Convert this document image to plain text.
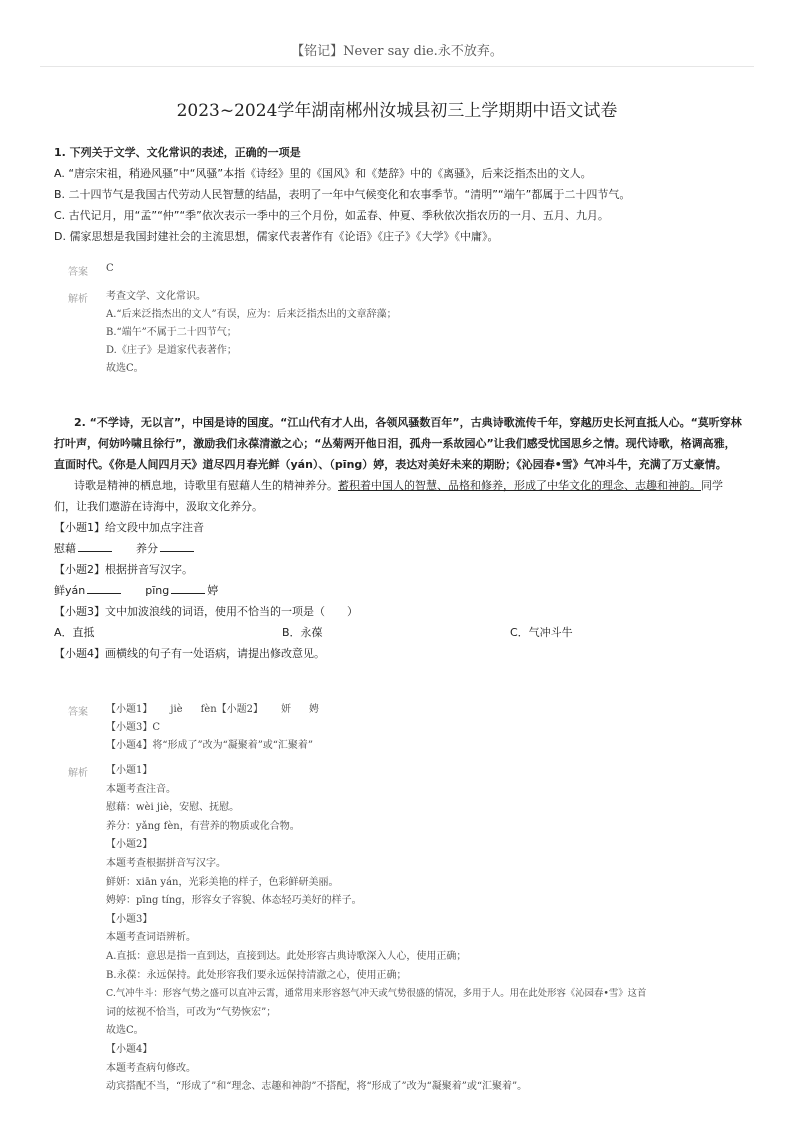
【铭记】Never say die.永不放弃。
2023~2024学年湖南郴州汝城县初三上学期期中语文试卷
1. 下列关于文学、文化常识的表述，正确的一项是
A. “唐宗宋祖，稍逊风骚”中“风骚”本指《诗经》里的《国风》和《楚辞》中的《离骚》，后来泛指杰出的文人。
B. 二十四节气是我国古代劳动人民智慧的结晶，表明了一年中气候变化和农事季节。“清明”“端午”都属于二十四节气。
C. 古代记月，用“孟”“仲”“季”依次表示一季中的三个月份，如孟春、仲夏、季秋依次指农历的一月、五月、九月。
D. 儒家思想是我国封建社会的主流思想，儒家代表著作有《论语》《庄子》《大学》《中庸》。
答案 C
解析 考查文学、文化常识。
A.“后来泛指杰出的文人”有误，应为：后来泛指杰出的文章辞藻；
B.“端午”不属于二十四节气；
D.《庄子》是道家代表著作；
故选C。

2. “不学诗，无以言”，中国是诗的国度。“江山代有才人出，各领风骚数百年”，古典诗歌流传千年，穿越历史长河直抵人心。“莫听穿林打叶声，何妨吟啸且徐行”，激励我们永葆清澈之心；“丛菊两开他日泪，孤舟一系故园心”让我们感受忧国思乡之情。现代诗歌，格调高雅，直面时代。《你是人间四月天》道尽四月春光鲜（yán）、（pīng）婷，表达对美好未来的期盼；《沁园春•雪》气冲斗牛，充满了万丈豪情。

诗歌是精神的栖息地，诗歌里有慰藉人生的精神养分。蓄积着中国人的智慧、品格和修养，形成了中华文化的理念、志趣和神韵。同学们，让我们遨游在诗海中，汲取文化养分。

【小题1】给文段中加点字注音

慰藉　　	养分

【小题2】根据拼音写汉字。

鲜yán　　	pīng	婷

【小题3】文中加波浪线的词语，使用不恰当的一项是（　　）

A．直抵	B．永葆	C．气冲斗牛

【小题4】画横线的句子有一处语病，请提出修改意见。

答案 【小题1】 jiè fèn【小题2】 妍 娉
【小题3】C
【小题4】将“形成了”改为“凝聚着”或“汇聚着”
解析 【小题1】
本题考查注音。
慰藉：wèi jiè，安慰、抚慰。
养分：yǎng fèn，有营养的物质或化合物。
【小题2】
本题考查根据拼音写汉字。
鲜妍：xiān yán，光彩美艳的样子，色彩鲜研美丽。
娉婷：pīng tíng，形容女子容貌、体态轻巧美好的样子。
【小题3】
本题考查词语辨析。
A.直抵：意思是指一直到达，直接到达。此处形容古典诗歌深入人心，使用正确；
B.永葆：永远保持。此处形容我们要永远保持清澈之心，使用正确；
C.气冲牛斗：形容气势之盛可以直冲云霄，通常用来形容怒气冲天或气势很盛的情况，多用于人。用在此处形容《沁园春•雪》这首
词的炫视不恰当，可改为“气势恢宏”；
故选C。
【小题4】
本题考查病句修改。
动宾搭配不当，“形成了”和“理念、志趣和神韵”不搭配，将“形成了”改为“凝聚着”或“汇聚着”。
